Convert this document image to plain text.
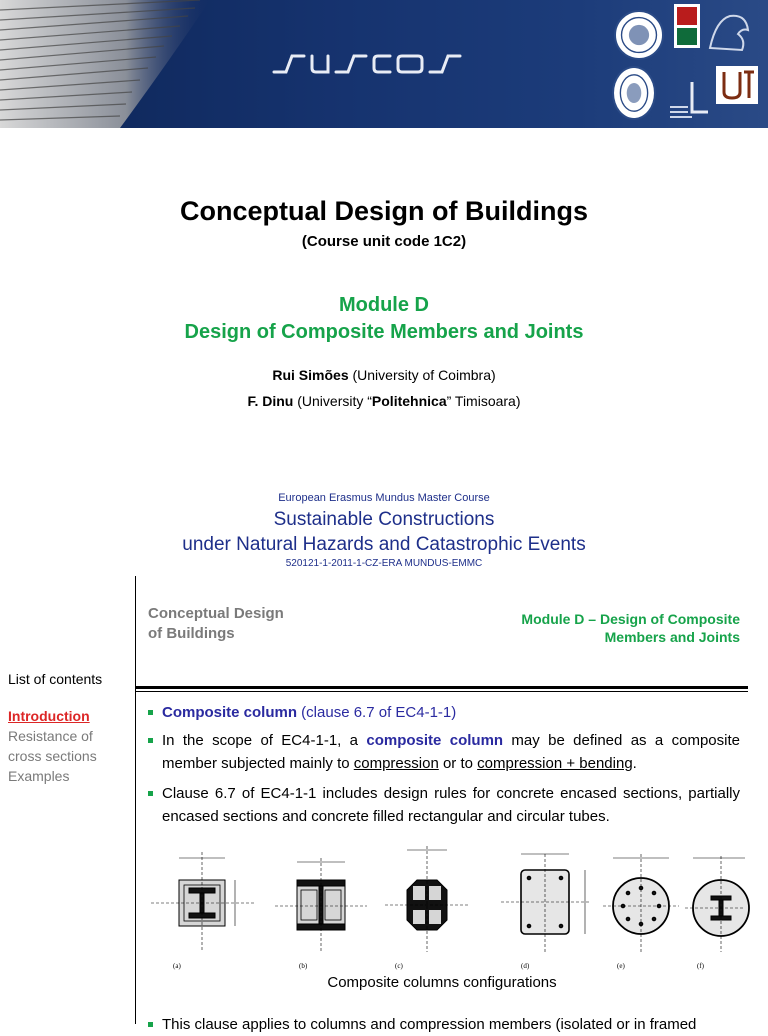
Conceptual Design of Buildings
(Course unit code 1C2)
Module D
Design of Composite Members and Joints
Rui Simões (University of Coimbra)
F. Dinu (University “Politehnica” Timisoara)
European Erasmus Mundus Master Course
Sustainable Constructions
under Natural Hazards and Catastrophic Events
520121-1-2011-1-CZ-ERA MUNDUS-EMMC
Conceptual Design
of Buildings
Module D – Design of Composite
Members and Joints
List of contents
Introduction
Resistance of
cross sections
Examples
Composite column (clause 6.7 of EC4-1-1)
In the scope of EC4-1-1, a composite column may be defined as a composite member subjected mainly to compression or to compression + bending.
Clause 6.7 of EC4-1-1 includes design rules for concrete encased sections, partially encased sections and concrete filled rectangular and circular tubes.
(a)	(b)	(c)	(d)	(e)	(f)
Composite columns configurations
This clause applies to columns and compression members (isolated or in framed
